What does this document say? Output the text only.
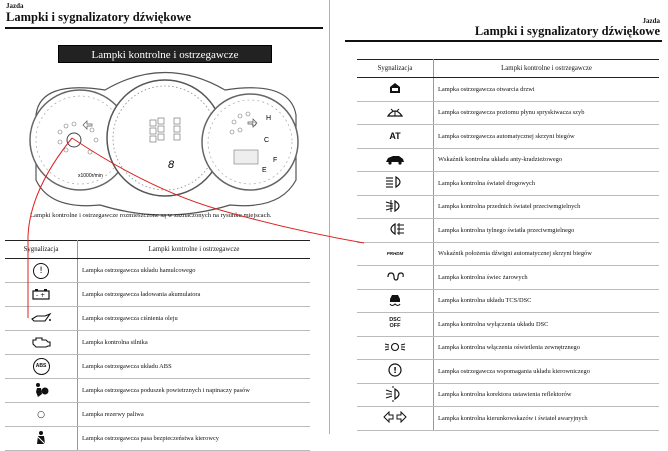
Jazda
Lampki i sygnalizatory dźwiękowe
Lampki kontrolne i ostrzegawcze
x1000r/min
8
H
C
F
E
Lampki kontrolne i ostrzegawcze rozmieszczone są w zaznaczonych na rysunku miejscach.
Sygnalizacja	Lampki kontrolne i ostrzegawcze
!	Lampka ostrzegawcza układu hamulcowego

- +	Lampka ostrzegawcza ładowania akumulatora
	Lampka ostrzegawcza ciśnienia oleju
	Lampka kontrolna silnika
ABS	Lampka ostrzegawcza układu ABS
	Lampka ostrzegawcza poduszek powietrznych i napinaczy pasów
○	Lampka rezerwy paliwa
	Lampka ostrzegawcza pasa bezpieczeństwa kierowcy
Jazda
Lampki i sygnalizatory dźwiękowe
Sygnalizacja	Lampki kontrolne i ostrzegawcze
	Lampka ostrzegawcza otwarcia drzwi
	Lampka ostrzegawcza poziomu płynu spryskiwacza szyb
AT	Lampka ostrzegawcza automatycznej skrzyni biegów
	Wskaźnik kontrolna układu anty-kradzieżowego
	Lampka kontrolna świateł drogowych
	Lampka kontrolna przednich świateł przeciwmgielnych
	Lampka kontrolna tylnego światła przeciwmgielnego
PRHDM	Wskaźnik położenia dźwigni automatycznej skrzyni biegów
	Lampka kontrolna świec żarowych
	Lampka kontrolna układu TCS/DSC
DSC
OFF	Lampka kontrolna wyłączenia układu DSC
	Lampka kontrolna włączenia oświetlenia zewnętrznego

!	Lampka ostrzegawcza wspomagania układu kierowniczego
	Lampka kontrolna korektora ustawienia reflektorów
	Lampka kontrolna kierunkowskazów i świateł awaryjnych
